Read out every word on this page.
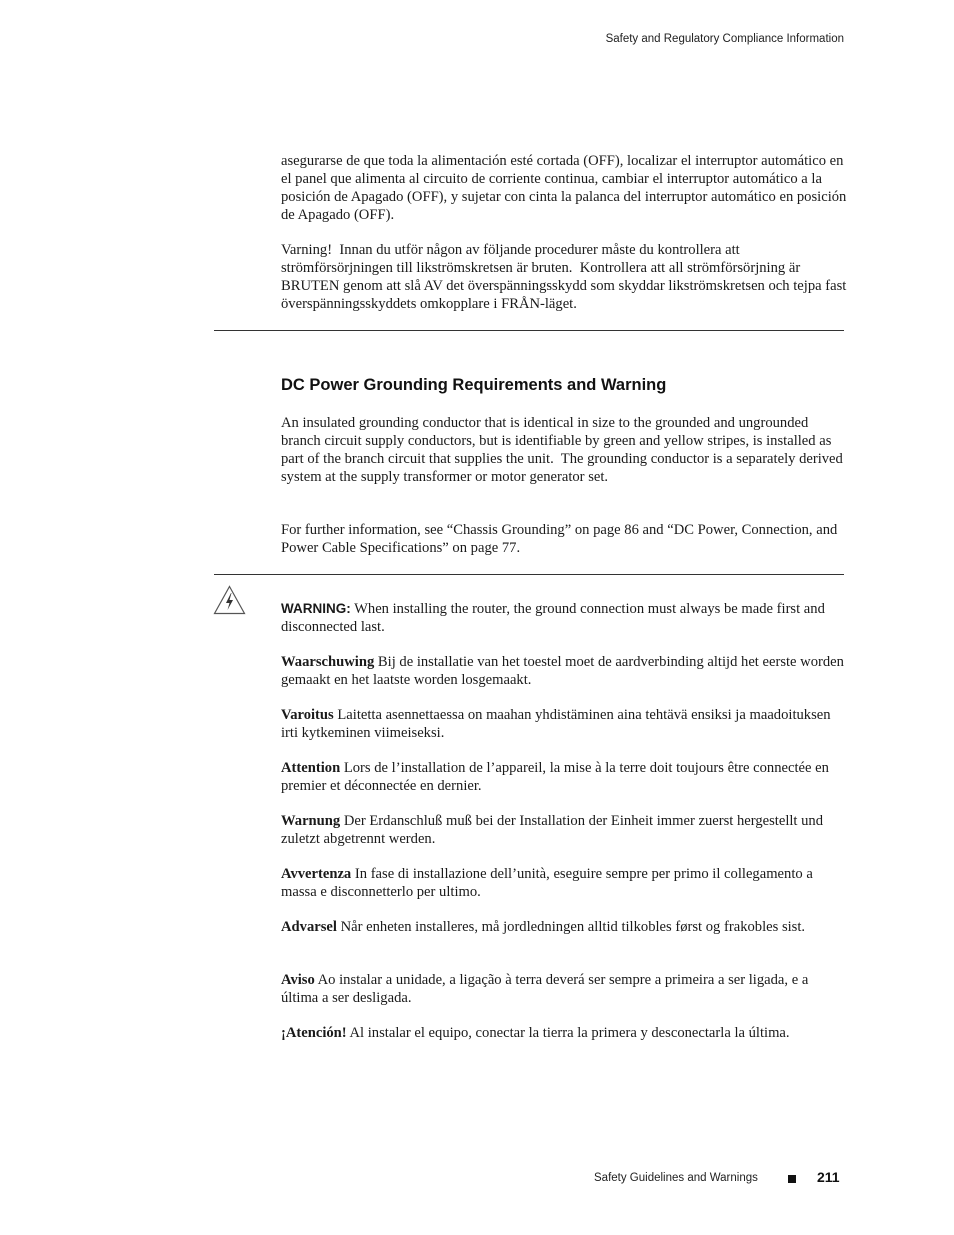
Safety and Regulatory Compliance Information

asegurarse de que toda la alimentación esté cortada (OFF), localizar el interruptor automático en el panel que alimenta al circuito de corriente continua, cambiar el interruptor automático a la posición de Apagado (OFF), y sujetar con cinta la palanca del interruptor automático en posición de Apagado (OFF).

Varning!  Innan du utför någon av följande procedurer måste du kontrollera att strömförsörjningen till likströmskretsen är bruten.  Kontrollera att all strömförsörjning är BRUTEN genom att slå AV det överspänningsskydd som skyddar likströmskretsen och tejpa fast överspänningsskyddets omkopplare i FRÅN-läget.

DC Power Grounding Requirements and Warning

An insulated grounding conductor that is identical in size to the grounded and ungrounded branch circuit supply conductors, but is identifiable by green and yellow stripes, is installed as part of the branch circuit that supplies the unit.  The grounding conductor is a separately derived system at the supply transformer or motor generator set.

For further information, see “Chassis Grounding” on page 86 and “DC Power, Connection, and Power Cable Specifications” on page 77.

WARNING: When installing the router, the ground connection must always be made first and disconnected last.

Waarschuwing Bij de installatie van het toestel moet de aardverbinding altijd het eerste worden gemaakt en het laatste worden losgemaakt.

Varoitus Laitetta asennettaessa on maahan yhdistäminen aina tehtävä ensiksi ja maadoituksen irti kytkeminen viimeiseksi.

Attention Lors de l’installation de l’appareil, la mise à la terre doit toujours être connectée en premier et déconnectée en dernier.

Warnung Der Erdanschluß muß bei der Installation der Einheit immer zuerst hergestellt und zuletzt abgetrennt werden.

Avvertenza In fase di installazione dell’unità, eseguire sempre per primo il collegamento a massa e disconnetterlo per ultimo.

Advarsel Når enheten installeres, må jordledningen alltid tilkobles først og frakobles sist.

Aviso Ao instalar a unidade, a ligação à terra deverá ser sempre a primeira a ser ligada, e a última a ser desligada.

¡Atención! Al instalar el equipo, conectar la tierra la primera y desconectarla la última.

Safety Guidelines and Warnings	211
